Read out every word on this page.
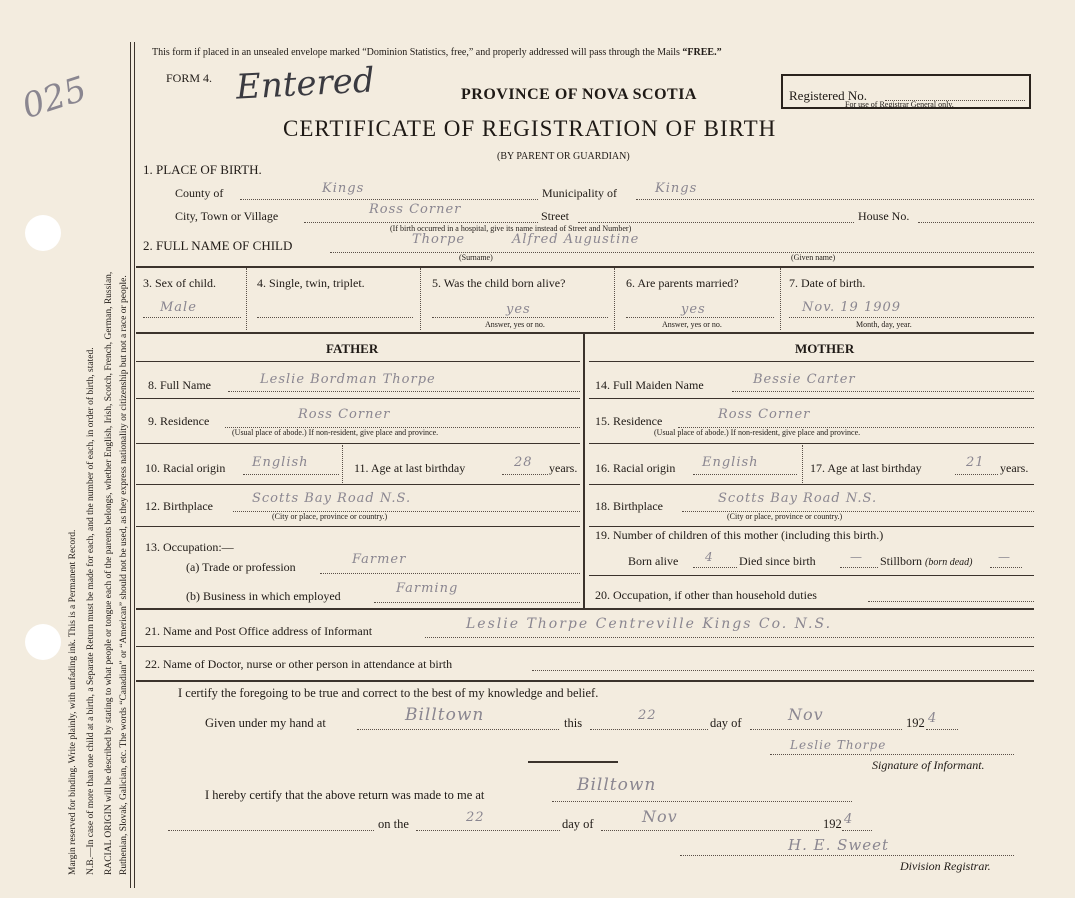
025
Margin reserved for binding. Write plainly, with unfading ink. This is a Permanent Record. N.B.—In case of more than one child at a birth, a Separate Return must be made for each, and the number of each, in order of birth, stated. RACIAL ORIGIN will be described by stating to what people or tongue each of the parents belongs, whether English, Irish, Scotch, French, German, Russian, Ruthenian, Slovak, Galician, etc. The words “Canadian” or “American” should not be used, as they express nationality or citizenship but not a race or people.
This form if placed in an unsealed envelope marked “Dominion Statistics, free,” and properly addressed will pass through the Mails “FREE.”
FORM 4. Entered	PROVINCE OF NOVA SCOTIA	Registered No.
For use of Registrar General only.
CERTIFICATE OF REGISTRATION OF BIRTH
(BY PARENT OR GUARDIAN)
1. PLACE OF BIRTH.
County of	Kings	Municipality of	Kings
City, Town or Village	Ross Corner	Street	House No.
(If birth occurred in a hospital, give its name instead of Street and Number)
2. FULL NAME OF CHILD	Thorpe	Alfred Augustine
(Surname)	(Given name)
3. Sex of child.
Male
4. Single, twin, triplet.	5. Was the child born alive?
yes
Answer, yes or no.
6. Are parents married?
yes
Answer, yes or no.
7. Date of birth.
Nov. 19 1909
Month, day, year.
FATHER	MOTHER
8. Full Name	Leslie Bordman Thorpe
9. Residence	Ross Corner
(Usual place of abode.) If non-resident, give place and province.
10. Racial origin English	11. Age at last birthday	28 years.
12. Birthplace	Scotts Bay Road N.S.
(City or place, province or country.)
13. Occupation:—
(a) Trade or profession	Farmer
(b) Business in which employed	Farming
14. Full Maiden Name	Bessie Carter
15. Residence	Ross Corner
(Usual place of abode.) If non-resident, give place and province.
16. Racial origin English	17. Age at last birthday	21 years.
18. Birthplace	Scotts Bay Road N.S.
(City or place, province or country.)
19. Number of children of this mother (including this birth.)
Born alive 4 Died since birth	— Stillborn (born dead) —
20. Occupation, if other than household duties
21. Name and Post Office address of Informant	Leslie Thorpe Centreville Kings Co. N.S.
22. Name of Doctor, nurse or other person in attendance at birth
I certify the foregoing to be true and correct to the best of my knowledge and belief.
Given under my hand at	Billtown	this	22	day of	Nov	192 4
Leslie Thorpe
Signature of Informant.
I hereby certify that the above return was made to me at	Billtown
on the	22	day of	Nov	192 4
H. E. Sweet
Division Registrar.
